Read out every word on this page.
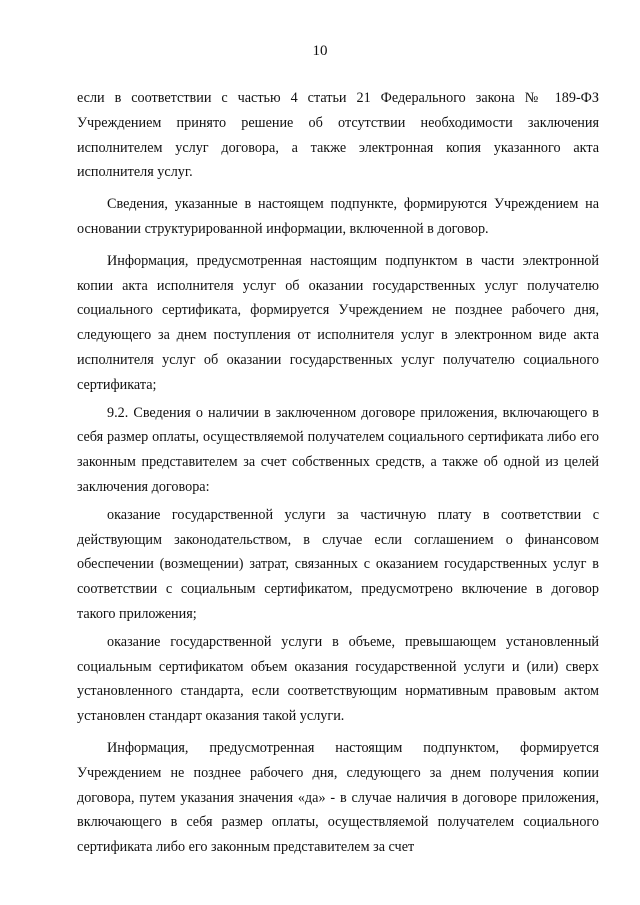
10

если в соответствии с частью 4 статьи 21 Федерального закона № 189-ФЗ Учреждением принято решение об отсутствии необходимости заключения исполнителем услуг договора, а также электронная копия указанного акта исполнителя услуг.

Сведения, указанные в настоящем подпункте, формируются Учреждением на основании структурированной информации, включенной в договор.

Информация, предусмотренная настоящим подпунктом в части электронной копии акта исполнителя услуг об оказании государственных услуг получателю социального сертификата, формируется Учреждением не позднее рабочего дня, следующего за днем поступления от исполнителя услуг в электронном виде акта исполнителя услуг об оказании государственных услуг получателю социального сертификата;

9.2. Сведения о наличии в заключенном договоре приложения, включающего в себя размер оплаты, осуществляемой получателем социального сертификата либо его законным представителем за счет собственных средств, а также об одной из целей заключения договора:

оказание государственной услуги за частичную плату в соответствии с действующим законодательством, в случае если соглашением о финансовом обеспечении (возмещении) затрат, связанных с оказанием государственных услуг в соответствии с социальным сертификатом, предусмотрено включение в договор такого приложения;

оказание государственной услуги в объеме, превышающем установленный социальным сертификатом объем оказания государственной услуги и (или) сверх установленного стандарта, если соответствующим нормативным правовым актом установлен стандарт оказания такой услуги.

Информация, предусмотренная настоящим подпунктом, формируется Учреждением не позднее рабочего дня, следующего за днем получения копии договора, путем указания значения «да» - в случае наличия в договоре приложения, включающего в себя размер оплаты, осуществляемой получателем социального сертификата либо его законным представителем за счет
